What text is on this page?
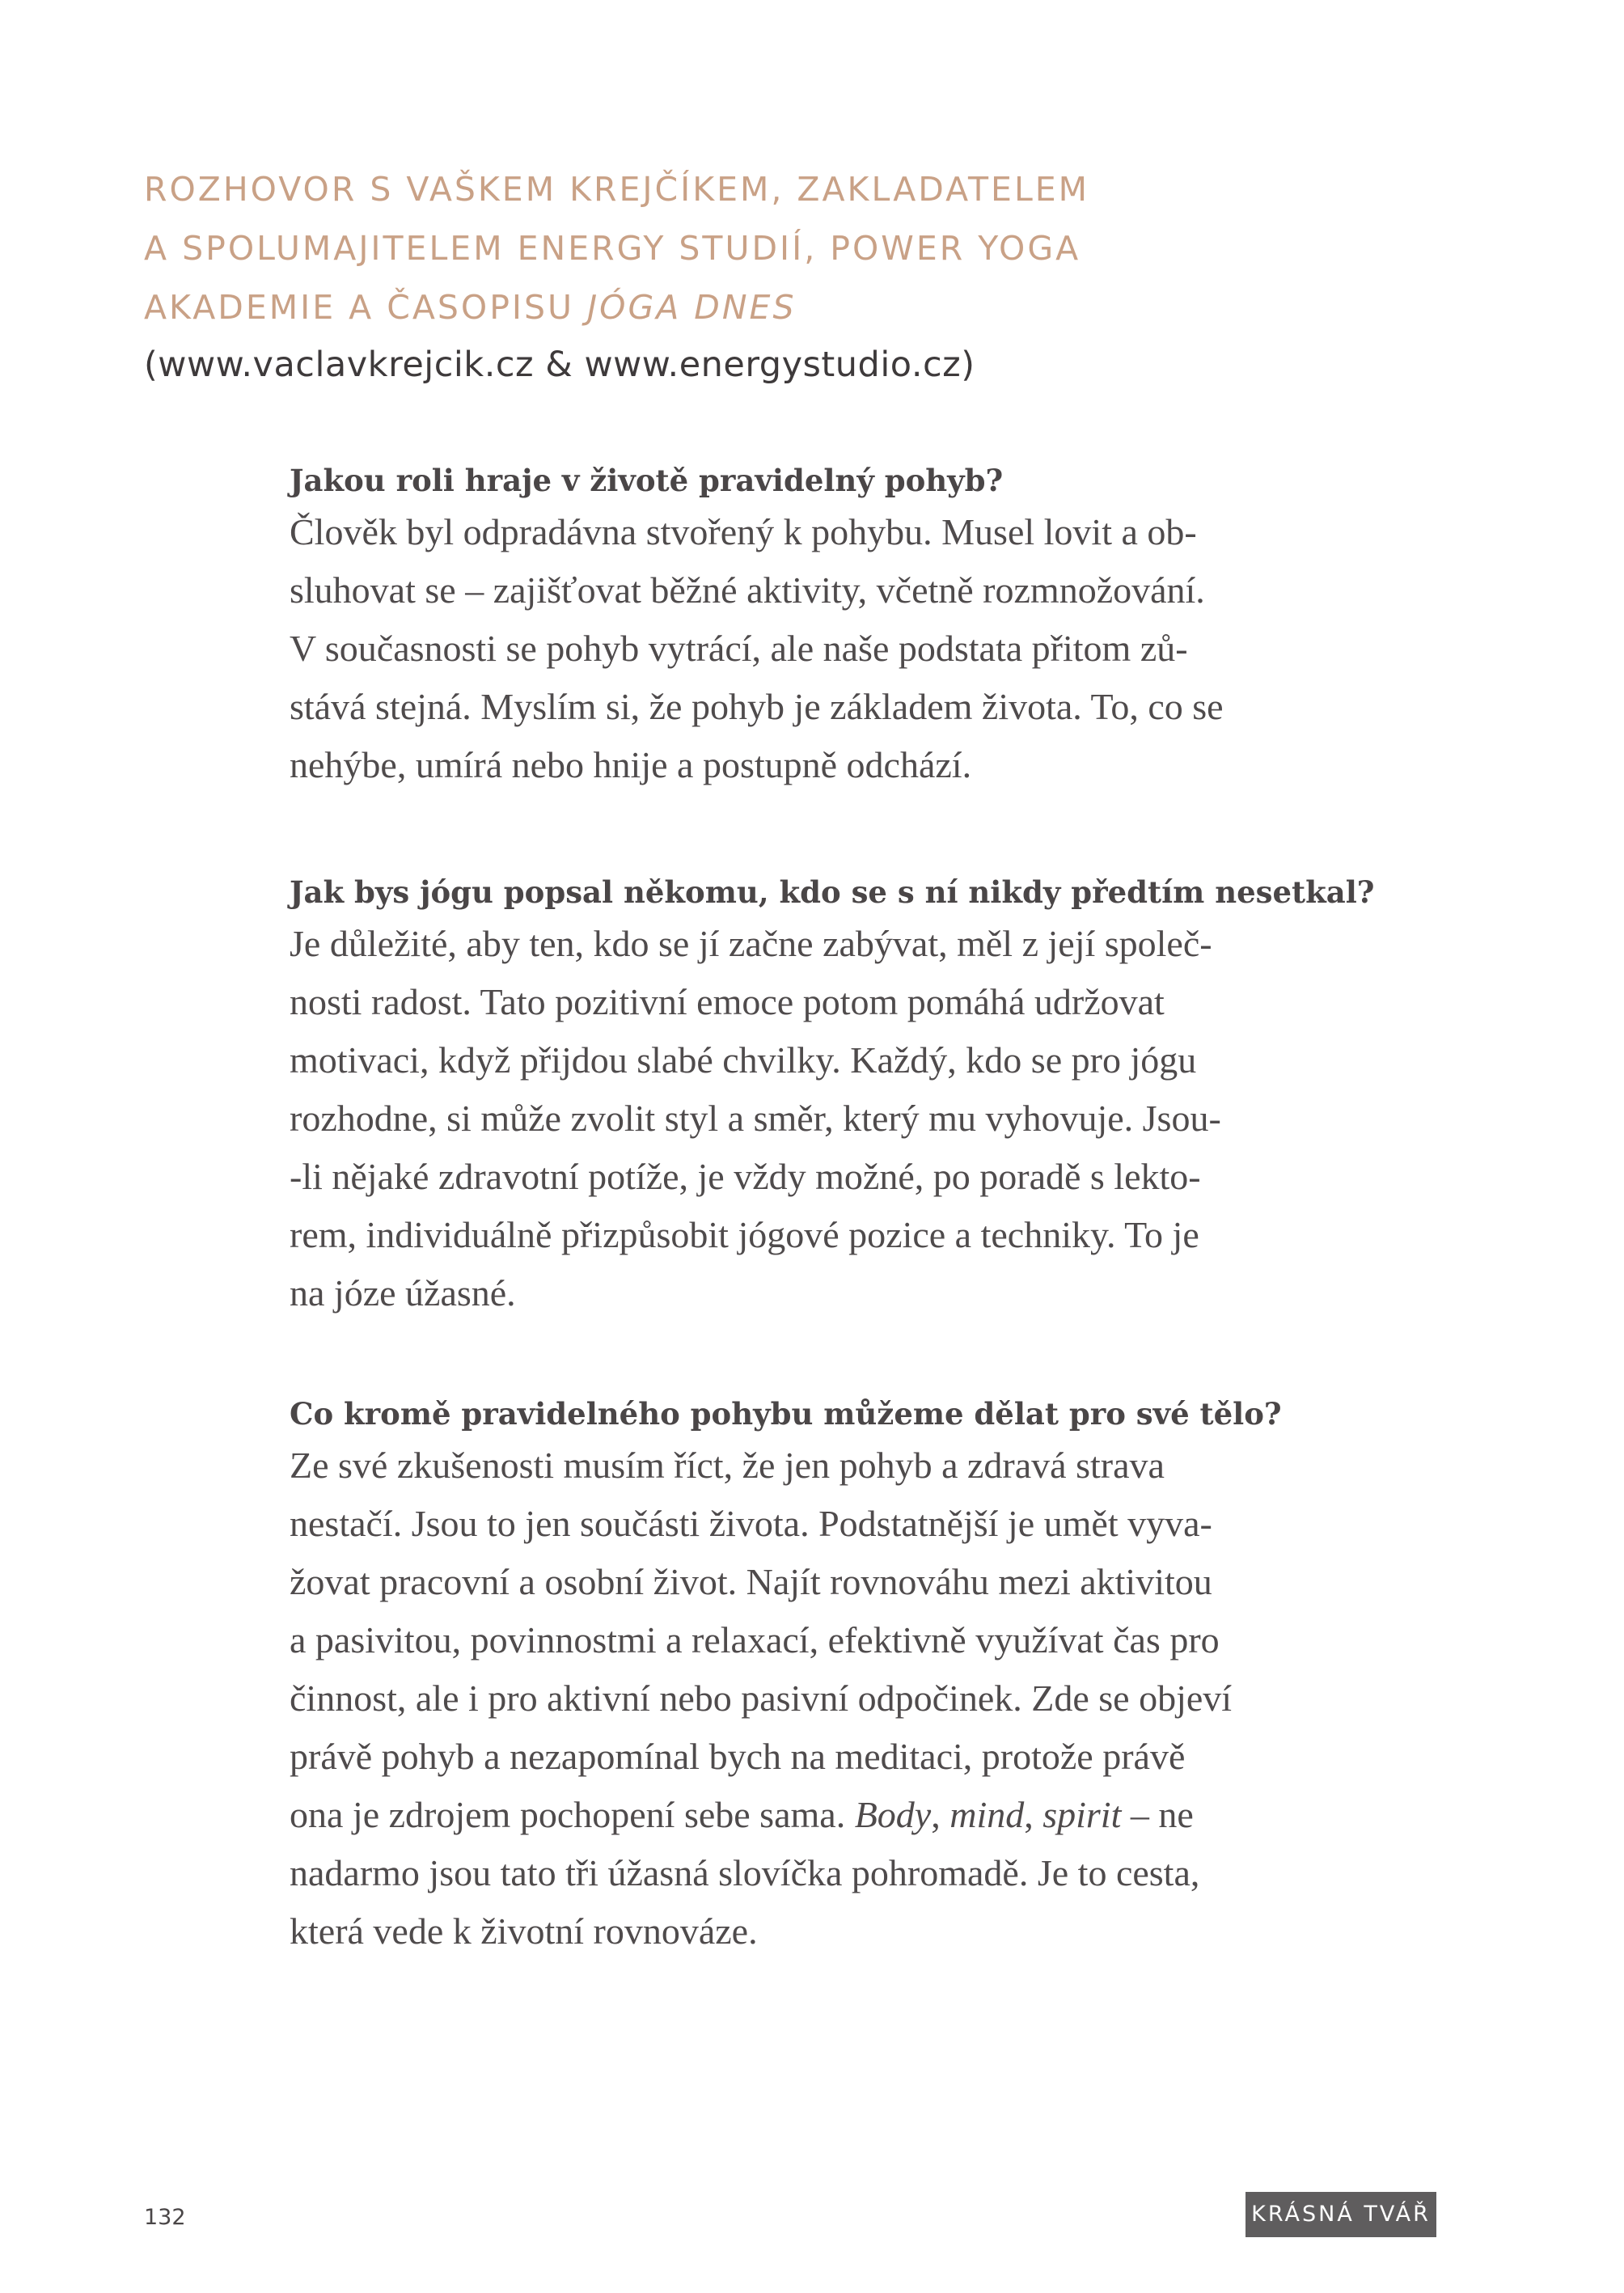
ROZHOVOR S VAŠKEM KREJČÍKEM, ZAKLADATELEM
A SPOLUMAJITELEM ENERGY STUDIÍ, POWER YOGA
AKADEMIE A ČASOPISU JÓGA DNES
(www.vaclavkrejcik.cz & www.energystudio.cz)
Jakou roli hraje v životě pravidelný pohyb?
Člověk byl odpradávna stvořený k pohybu. Musel lovit a ob-
sluhovat se – zajišťovat běžné aktivity, včetně rozmnožování.
V současnosti se pohyb vytrácí, ale naše podstata přitom zů-
stává stejná. Myslím si, že pohyb je základem života. To, co se
nehýbe, umírá nebo hnije a postupně odchází.
Jak bys jógu popsal někomu, kdo se s ní nikdy předtím nesetkal?
Je důležité, aby ten, kdo se jí začne zabývat, měl z její společ-
nosti radost. Tato pozitivní emoce potom pomáhá udržovat
motivaci, když přijdou slabé chvilky. Každý, kdo se pro jógu
rozhodne, si může zvolit styl a směr, který mu vyhovuje. Jsou-
-li nějaké zdravotní potíže, je vždy možné, po poradě s lekto-
rem, individuálně přizpůsobit jógové pozice a techniky. To je
na józe úžasné.
Co kromě pravidelného pohybu můžeme dělat pro své tělo?
Ze své zkušenosti musím říct, že jen pohyb a zdravá strava
nestačí. Jsou to jen součásti života. Podstatnější je umět vyva-
žovat pracovní a osobní život. Najít rovnováhu mezi aktivitou
a pasivitou, povinnostmi a relaxací, efektivně využívat čas pro
činnost, ale i pro aktivní nebo pasivní odpočinek. Zde se objeví
právě pohyb a nezapomínal bych na meditaci, protože právě
ona je zdrojem pochopení sebe sama. Body, mind, spirit – ne
nadarmo jsou tato tři úžasná slovíčka pohromadě. Je to cesta,
která vede k životní rovnováze.
132	KRÁSNÁ TVÁŘ
